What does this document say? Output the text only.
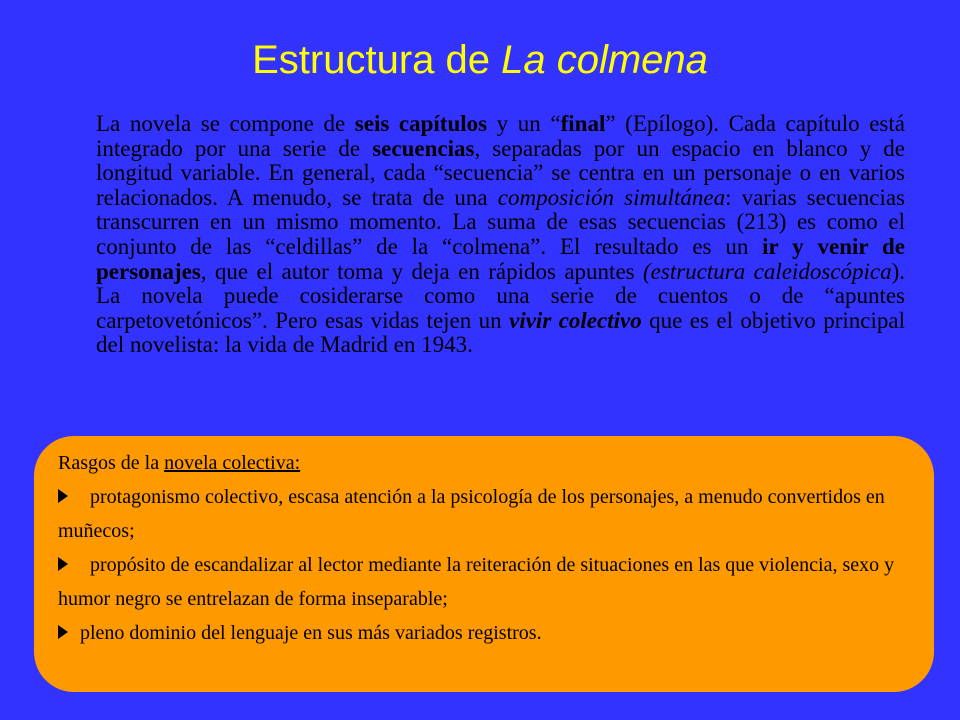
Estructura de La colmena
La novela se compone de seis capítulos y un “final” (Epílogo). Cada capítulo está integrado por una serie de secuencias, separadas por un espacio en blanco y de longitud variable. En general, cada “secuencia” se centra en un personaje o en varios relacionados. A menudo, se trata de una composición simultánea: varias secuencias transcurren en un mismo momento. La suma de esas secuencias (213) es como el conjunto de las “celdillas” de la “colmena”. El resultado es un ir y venir de personajes, que el autor toma y deja en rápidos apuntes (estructura caleidoscópica). La novela puede cosiderarse como una serie de cuentos o de “apuntes carpetovetónicos”. Pero esas vidas tejen un vivir colectivo que es el objetivo principal del novelista: la vida de Madrid en 1943.
Rasgos de la novela colectiva:
protagonismo colectivo, escasa atención a la psicología de los personajes, a menudo convertidos en muñecos;
propósito de escandalizar al lector mediante la reiteración de situaciones en las que violencia, sexo y humor negro se entrelazan de forma inseparable;
pleno dominio del lenguaje en sus más variados registros.
